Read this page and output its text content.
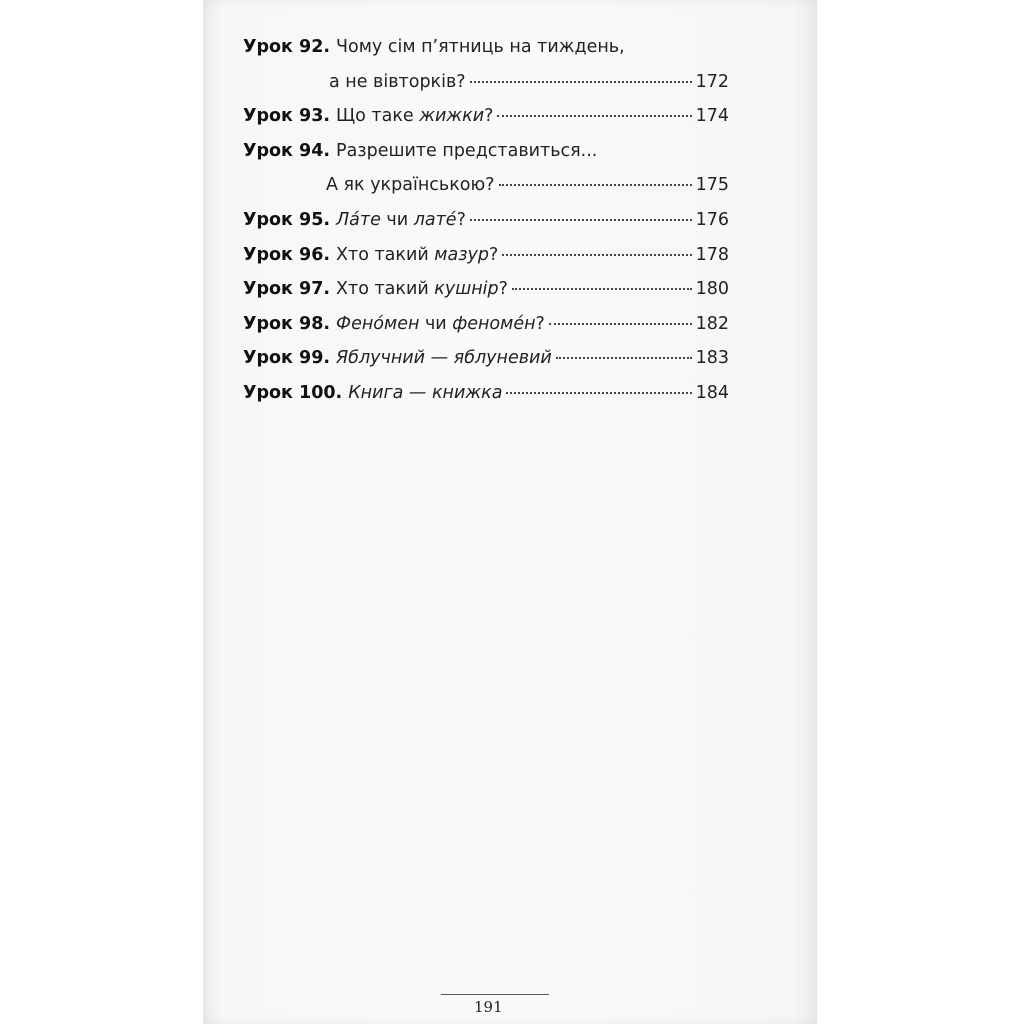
Урок 92. Чому сім п’ятниць на тиждень,
а не вівторків?	172
Урок 93. Що таке жижки?	174
Урок 94. Разрешите представиться...
А як українською?	175
Урок 95. Ла́те чи лате́?	176
Урок 96. Хто такий мазур?	178
Урок 97. Хто такий кушнір?	180
Урок 98. Фено́мен чи феноме́н?	182
Урок 99. Яблучний — яблуневий	183
Урок 100. Книга — книжка	184
191
